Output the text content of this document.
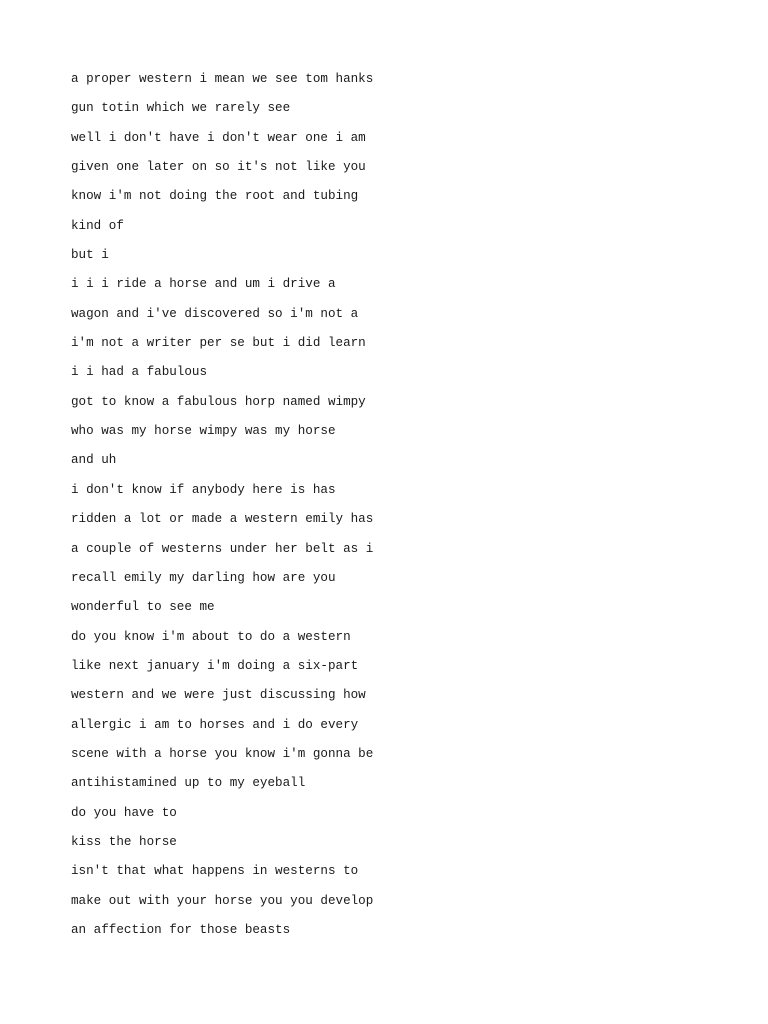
a proper western i mean we see tom hanks
gun totin which we rarely see
well i don't have i don't wear one i am
given one later on so it's not like you
know i'm not doing the root and tubing
kind of
but i
i i i ride a horse and um i drive a
wagon and i've discovered so i'm not a
i'm not a writer per se but i did learn
i i had a fabulous
got to know a fabulous horp named wimpy
who was my horse wimpy was my horse
and uh
i don't know if anybody here is has
ridden a lot or made a western emily has
a couple of westerns under her belt as i
recall emily my darling how are you
wonderful to see me
do you know i'm about to do a western
like next january i'm doing a six-part
western and we were just discussing how
allergic i am to horses and i do every
scene with a horse you know i'm gonna be
antihistamined up to my eyeball
do you have to
kiss the horse
isn't that what happens in westerns to
make out with your horse you you develop
an affection for those beasts
